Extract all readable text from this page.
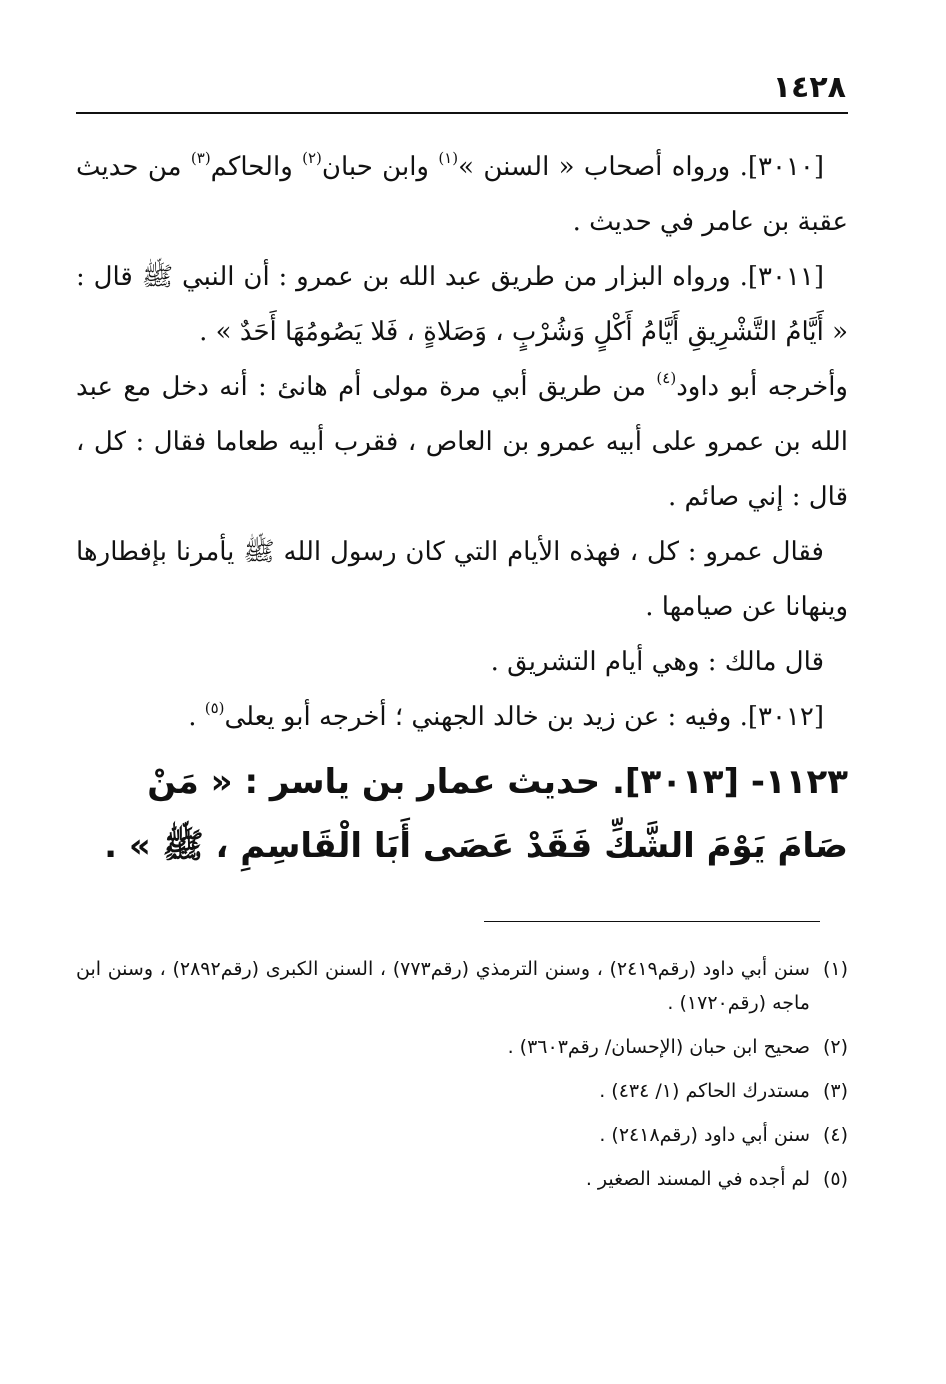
١٤٢٨

[٣٠١٠]. ورواه أصحاب « السنن »$^{(١)}$ وابن حبان$^{(٢)}$ والحاكم$^{(٣)}$ من حديث عقبة بن عامر في حديث .

[٣٠١١]. ورواه البزار من طريق عبد الله بن عمرو : أن النبي ﷺ قال : « أَيَّامُ التَّشْرِيقِ أَيَّامُ أَكْلٍ وَشُرْبٍ ، وَصَلاةٍ ، فَلا يَصُومُهَا أَحَدٌ » .

وأخرجه أبو داود$^{(٤)}$ من طريق أبي مرة مولى أم هانئ : أنه دخل مع عبد الله بن عمرو على أبيه عمرو بن العاص ، فقرب أبيه طعاما فقال : كل ، قال : إني صائم .

فقال عمرو : كل ، فهذه الأيام التي كان رسول الله ﷺ يأمرنا بإفطارها وينهانا عن صيامها .

قال مالك : وهي أيام التشريق .

[٣٠١٢]. وفيه : عن زيد بن خالد الجهني ؛ أخرجه أبو يعلى$^{(٥)}$ .

١١٢٣- [٣٠١٣]. حديث عمار بن ياسر : « مَنْ صَامَ يَوْمَ الشَّكِّ فَقَدْ عَصَى أَبَا الْقَاسِمِ ، ﷺ » .

(١)
سنن أبي داود (رقم٢٤١٩) ، وسنن الترمذي (رقم٧٧٣) ، السنن الكبرى (رقم٢٨٩٢) ، وسنن ابن ماجه (رقم١٧٢٠) .
(٢)
صحيح ابن حبان (الإحسان/ رقم٣٦٠٣) .
(٣)
مستدرك الحاكم (١/ ٤٣٤) .
(٤)
سنن أبي داود (رقم٢٤١٨) .
(٥)
لم أجده في المسند الصغير .
